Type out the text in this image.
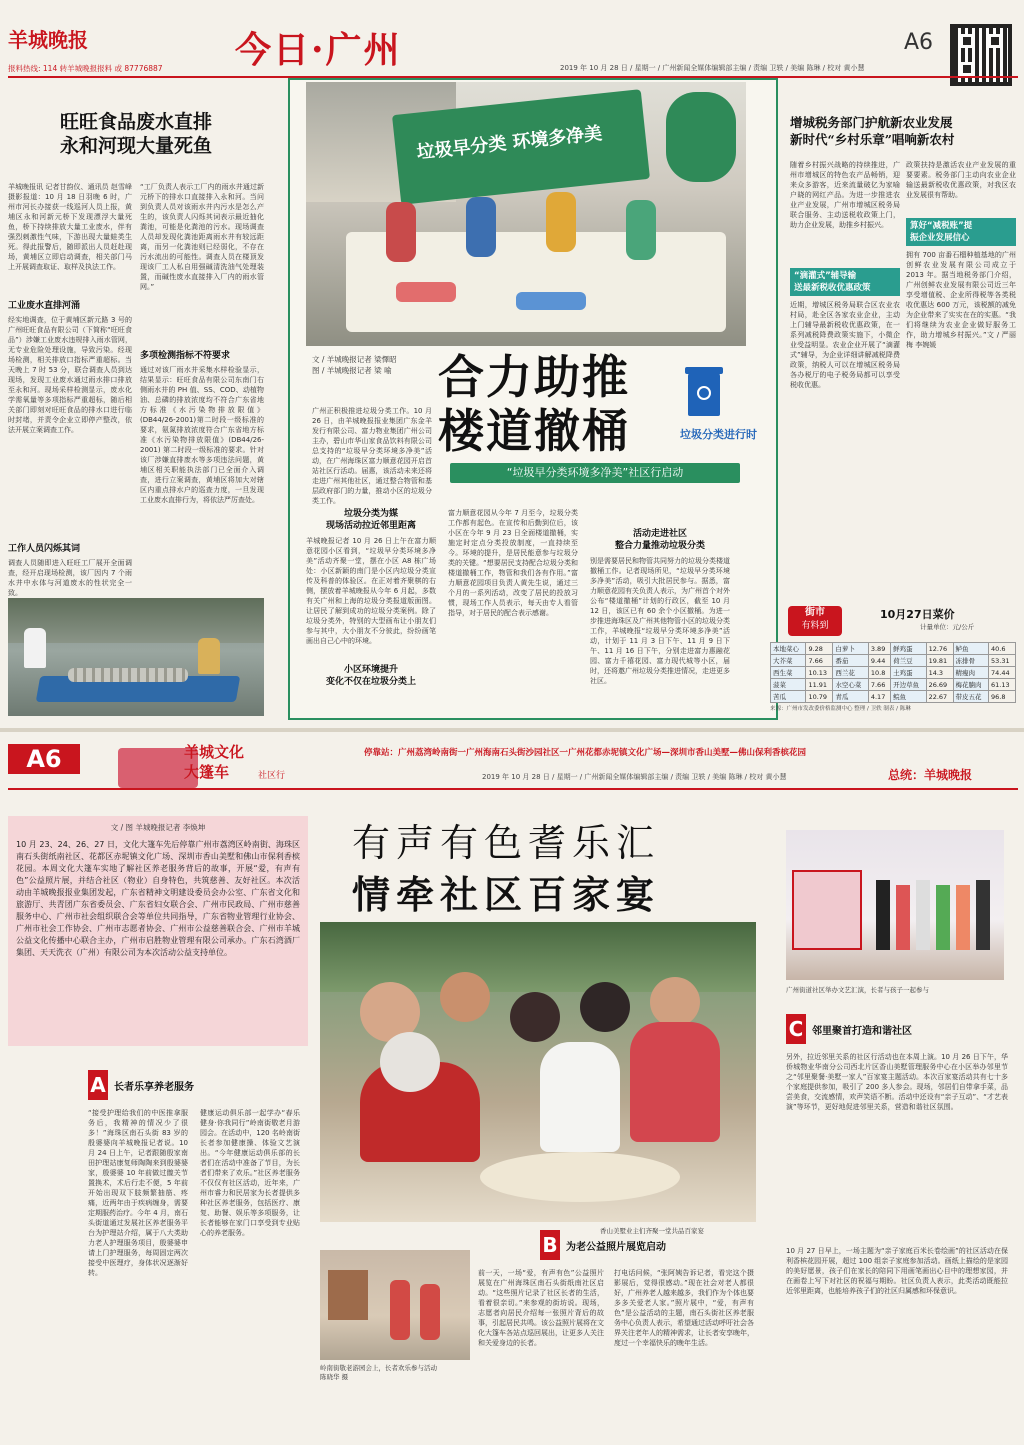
羊城晚报
报料热线: 114 转羊城晚报报料 或 87776887	今日·广州	A6
2019 年 10 月 28 日 / 星期一 / 广州新闻全媒体编辑部主编 / 责编 卫轶 / 美编 陈琳 / 校对 黄小慧
旺旺食品废水直排
永和河现大量死鱼
羊城晚报讯 记者甘韵仪、通讯员 赵雪峰摄影报道：10 月 18 日羽晚 6 时，广州市河长办接获一线巡河人员上报，黄埔区永和河新元桥下发现漂浮大量死鱼，桥下持续排放大量工业废水，伴有强烈刺激性气味，下游出现大量蛙类生死。得此报警后，随即派出人员赶赴现场，黄埔区立即启动调查，相关部门马上开展调查取证、取样及执法工作。
工业废水直排河涌
经实地调查，位于黄埔区新元路 3 号的广州旺旺食品有限公司（下简称“旺旺食品”）涉嫌工业废水违规排入雨水管网，无专业危险处理设施，导致污染。经现场检测，相关排放口指标严重超标。当天晚上 7 时 53 分，联合调查人员到达现场，发现工业废水通过雨水排口排放至永和河。现场采样检测显示，废水化学需氧量等多项指标严重超标，随后相关部门即刻对旺旺食品的排水口进行临时封堵，并责令企业立即停产整改，依法开展立案调查工作。
工作人员闪烁其词
调查人员随即进入旺旺工厂展开全面调查，经开启现场检测，该厂因内 7 个雨水井中水体与河道废水的性状完全一致。
“工厂负责人表示工厂内的雨水井通过新元桥下的排水口直接排入永和河。当问到负责人员对该雨水井内污水是怎么产生的，该负责人闪烁其词表示最近抽化粪池，可能是化粪池的污水。现场调查人员却发现化粪池距离雨水井有较远距离，而另一化粪池则已经弱化，不存在污水流出的可能性。调查人员在楼顶发现该厂工人私自用强碱清洗油气处理装置，而碱性废水直接排入厂内的雨水管网。”
多项检测指标不符要求
通过对该厂雨水井采集水样检验显示，结果显示：旺旺食品有限公司东南门右侧雨水井的 PH 值、SS、COD、动植物油、总磷的排放浓度均不符合广东省地方标准《水污染物排放限值》(DB44/26-2001)第二时段一级标准的要求，氨氮排放浓度符合广东省地方标准《水污染物排放限值》(DB44/26-2001) 第二时段一级标准的要求。针对该厂涉嫌直排废水等多项违法问题，黄埔区相关职能执法部门已全面介入调查，进行立案调查，黄埔区将加大对辖区内重点排水户的巡查力度，一旦发现工业废水直排行为，将依法严厉查处。
垃圾早分类 环境多净美
文 / 羊城晚报记者 梁懌昭
图 / 羊城晚报记者 梁 喻	合力助推
楼道撤桶	垃圾分类进行时
“垃圾早分类环境多净美”社区行启动
广州正积极推进垃圾分类工作。10 月 26 日，由羊城晚报报业集团广东金羊发行有限公司、富力物业集团广州公司主办，碧山市华山家食品饮料有限公司总支持的“垃圾早分类环境多净美”活动，在广州海珠区富力顺意花园开启首站社区行活动。届惠，该活动未来还将走进广州其他社区，通过整合物管和基层政府部门的力量，推动小区的垃圾分类工作。
垃圾分类为媒
现场活动拉近邻里距离
羊城晚报记者 10 月 26 日上午在富力顺意花园小区看到，“垃圾早分类环境多净美”活动齐聚一堂，摆在小区 A8 栋广场处：小区新颖的南门是小区内垃圾分类宣传及科普的体验区。在正对着齐聚棋的右侧，摆放着羊城晚报从今年 6 月起，多数有关广州和上海的垃圾分类报道版面图。让居民了解到成功的垃圾分类案例。除了垃圾分类外，特别的大型画布让小朋友们参与其中，大小朋友不分彼此，纷纷画笔画出自己心中的环境。
小区环境提升
变化不仅在垃圾分类上
富力顺意花园从今年 7 月至今，垃圾分类工作都有起色。在宣传和后勤到位后，该小区在今年 9 月 23 日全面楼道撤桶，实施定时定点分类投放制度，一直持续至今。环境的提升，是居民能意参与垃圾分类的关键。“想要居民支持配合垃圾分类和楼道撤桶工作，物管和我们各有作用。”富力顺意花园项目负责人黄先生说，通过三个月的一系列活动，改变了居民的投放习惯，现场工作人员表示，每天由专人看管指导，对于居民的配合表示感谢。
活动走进社区
整合力量推动垃圾分类
别是需要居民和物管共同努力的垃圾分类楼道撤桶工作。记者现场所见，“垃圾早分类环境多净美”活动，吸引大批居民参与。据悉，富力顺意花园有关负责人表示，为广州首个对外公布“楼道撤桶”计划的行政区，截至 10 月 12 日，该区已有 60 余个小区撤桶。为进一步推进海珠区及广州其他物管小区的垃圾分类工作，羊城晚报“垃圾早分类环境多净美”活动，计划于 11 月 3 日下午、11 月 9 日下午、11 月 16 日下午，分别走进富力惠融花园、富力千禧花园、富力现代城等小区，届时，还将邀广州垃圾分类推进情况，走进更多社区。
增城税务部门护航新农业发展
新时代“乡村乐章”唱响新农村
随着乡村振兴战略的持续推进，广州市增城区的特色农产品畅销，迎来众多游客，近来流量破亿为家喻户晓的网红产品。为进一步推进农业产业发展，广州市增城区税务局联合服务、主动送税收政策上门，助力企业发展，助推乡村振兴。
“滴灌式”辅导输
送最新税收优惠政策
近期，增城区税务局联合区农业农村局，赴全区各家农业企业，主动上门辅导最新税收优惠政策，在一系列减税降费政策实施下，小微企业受益明显。农业企业开展了“滴灌式”辅导，为企业详细讲解减税降费政策，纳税人可以在增城区税务局各办税厅的电子税务局都可以享受税收优惠。
政策扶持是激活农业产业发展的重要要素。税务部门主动向农业企业输送最新税收优惠政策，对我区农业发展很有帮助。
算好“减税账”提
振企业发展信心
拥有 700 亩番石榴种植基地的广州创鲜农业发展有限公司成立于 2013 年。据当地税务部门介绍，广州创鲜农业发展有限公司近三年享受增值税、企业所得税等各类税收优惠达 600 万元，该税额的减免为企业带来了实实在在的实惠。“我们将继续为农业企业做好服务工作，助力增城乡村振兴。”文 / 严丽梅 李婉媛
街市
有料到
10月27日菜价
计量单位：元/公斤
本地菜心	9.28	白萝卜	3.89	鲜鸡蛋	12.76	鲈鱼	40.6
大芥菜	7.66	番茄	9.44	荷兰豆	19.81	冻排骨	53.31
西生菜	10.13	西兰花	10.8	土鸡蛋	14.3	精瘦肉	74.44
菠菜	11.91	水空心菜	7.66	开边草鱼	26.69	梅花腩肉	61.13
苦瓜	10.79	青瓜	4.17	鲩鱼	22.67	带皮五花	96.8
来源：广州市发改委价格监测中心 整理 / 卫轶 制表 / 陈琳
A6	羊城文化
大篷车	社区行
停靠站：广州荔湾岭南街一广州海南石头街沙园社区一广州花都赤坭镇文化广场—深圳市香山美墅—佛山保利香槟花园
总统：羊城晚报
2019 年 10 月 28 日 / 星期一 / 广州新闻全媒体编辑部主编 / 责编 卫轶 / 美编 陈琳 / 校对 黄小慧
有声有色耆乐汇
情牵社区百家宴
文 / 图 羊城晚报记者 李焕坤
10 月 23、24、26、27 日，文化大篷车先后停靠广州市荔湾区岭南街、海珠区南石头街纸南社区、花都区赤坭镇文化广场、深圳市香山美墅和佛山市保利香槟花园。本周文化大篷车实地了解社区养老服务背后的故事，开展“爱，有声有色”公益照片展，并结合社区（物业）自身特色，共筑慈善、友好社区。本次活动由羊城晚报报业集团发起，广东省精神文明建设委员会办公室、广东省文化和旅游厅、共青团广东省委员会、广东省妇女联合会、广州市民政局、广州市慈善服务中心、广州市社会组织联合会等单位共同指导，广东省物业管理行业协会、广州市社会工作协会、广州市志愿者协会、广州市公益慈善联合会、广州市羊城公益文化传播中心联合主办，广州市启胜物业管理有限公司承办。广东石湾酒厂集团、天天洗衣（广州）有限公司为本次活动公益支持单位。
A 长者乐享养老服务
“接受护理给我们的中医推拿服务后，我精神的情况少了很多！”海珠区南石头街 83 岁的殷婆婆向羊城晚报记者说。10 月 24 日上午，记者跟随殷家南田护理站康复师陶陶来到殷婆婆家，殷婆婆 10 年前做过髋关节置换术，术后行走不便，5 年前开始出现双下肢频繁抽筋、疼痛，近两年由于疾病缠身，需要定期服药治疗。今年 4 月，南石头街道通过发展社区养老服务平台为护理站介绍，属于八大类助力老人护理服务项目，殷婆婆申请上门护理服务，每周固定两次接受中医理疗，身体状况逐渐好转。
健康运动俱乐部一起学办“春乐健身·你我同行”岭南街敬老月游园会。在活动中，120 名岭南街长者参加健康操、体验文艺演出。“今年健康运动俱乐部的长者们在活动中准备了节目，为长者们带来了欢乐。”社区养老服务不仅仅有社区活动，近年来，广州市睿力和民居家为长者提供多种社区养老服务，包括医疗、康复、助餐、娱乐等多项服务，让长者能够在家门口享受到专业贴心的养老服务。	香山美墅业主们齐聚一堂共品百家宴
广州街道社区举办文艺汇演，长者与孩子一起参与
C 邻里聚首打造和谐社区
另外，拉近邻里关系的社区行活动也在本周上演。10 月 26 日下午，华侨城物业华南分公司西北片区香山美墅管理服务中心在小区举办邻里节之“邻里聚餐·美墅一家人”百家宴主题活动。本次百家宴活动共有七十多个家庭提供参加，吸引了 200 多人参会。现场，邻居们自带拿手菜，品尝美食，交流感情，欢声笑语不断。活动中还设有“亲子互动”、“才艺表演”等环节，更好地促进邻里关系，营造和谐社区氛围。
10 月 27 日早上，一场主题为“亲子家庭百米长卷绘画”的社区活动在保利香槟花园开展，超过 100 组亲子家庭参加活动。画纸上描绘的是家园的美好愿景，孩子们在家长的陪同下用画笔画出心目中的理想家园，并在画卷上写下对社区的祝福与期盼。社区负责人表示，此类活动既能拉近邻里距离，也能培养孩子们的社区归属感和环保意识。
岭南街敬老游园会上，长者欢乐参与活动
陈晓华 摄
B 为老公益照片展览启动
前一天，一场“爱，有声有色”公益照片展览在广州海珠区南石头街纸南社区启动。“这些照片记录了社区长者的生活，看着很亲切。”来参观的街坊说。现场，志愿者向居民介绍每一张照片背后的故事，引起居民共鸣。该公益照片展将在文化大篷车各站点巡回展出，让更多人关注和关爱身边的长者。
打电话问候，“张阿姨告诉记者，看完这个摄影展后，觉得很感动。”现在社会对老人都很好，广州养老人越来越多，我们作为个体也要多多关爱老人家。”照片展中，“爱，有声有色”是公益活动的主题，南石头街社区养老服务中心负责人表示，希望通过活动呼吁社会各界关注老年人的精神需求，让长者安享晚年，度过一个幸福快乐的晚年生活。
